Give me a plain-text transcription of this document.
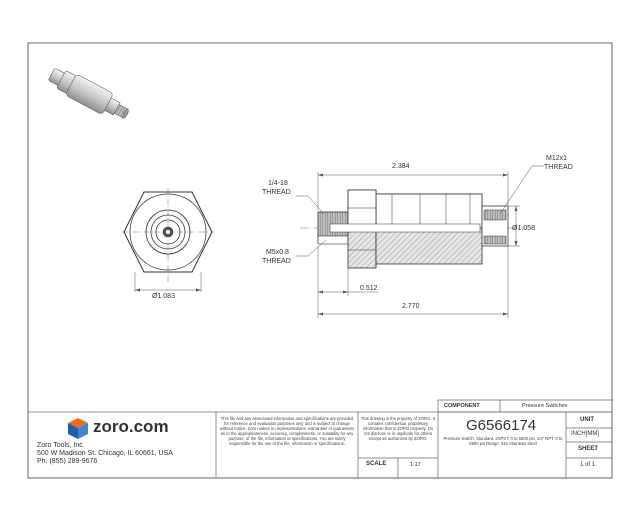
2.384
2.770
0.512
Ø1.083
Ø1.058
1/4-18
THREAD
M5x0.8
THREAD
M12x1
THREAD
zoro.com
Zoro Tools, Inc.
500 W Madison St. Chicago, IL 60661, USA
Ph: (855) 289-9676
This file and any associated information and specifications are provided for reference and evaluation purposes only and is subject to change without notice. Zoro makes no representations, warranties or guarantees as to the appropriateness, accuracy, completeness, or suitability for any purpose, of the file, information or specifications. You are solely responsible for the use of the file, information or specifications.
This drawing is the property of ZORO. It contains confidential, proprietary information that is ZORO property. Do not disclose or in duplicate for others except as authorized by ZORO.
SCALE	1:17
COMPONENT	Pressure Switches
G6566174
Pressure Switch, Standard, 2SPST, 0 to 5800 psi, 1/4" NPT, 0 to 5800 psi Range, 316 Stainless Steel
UNIT
INCH[MM]
SHEET
1 of 1
